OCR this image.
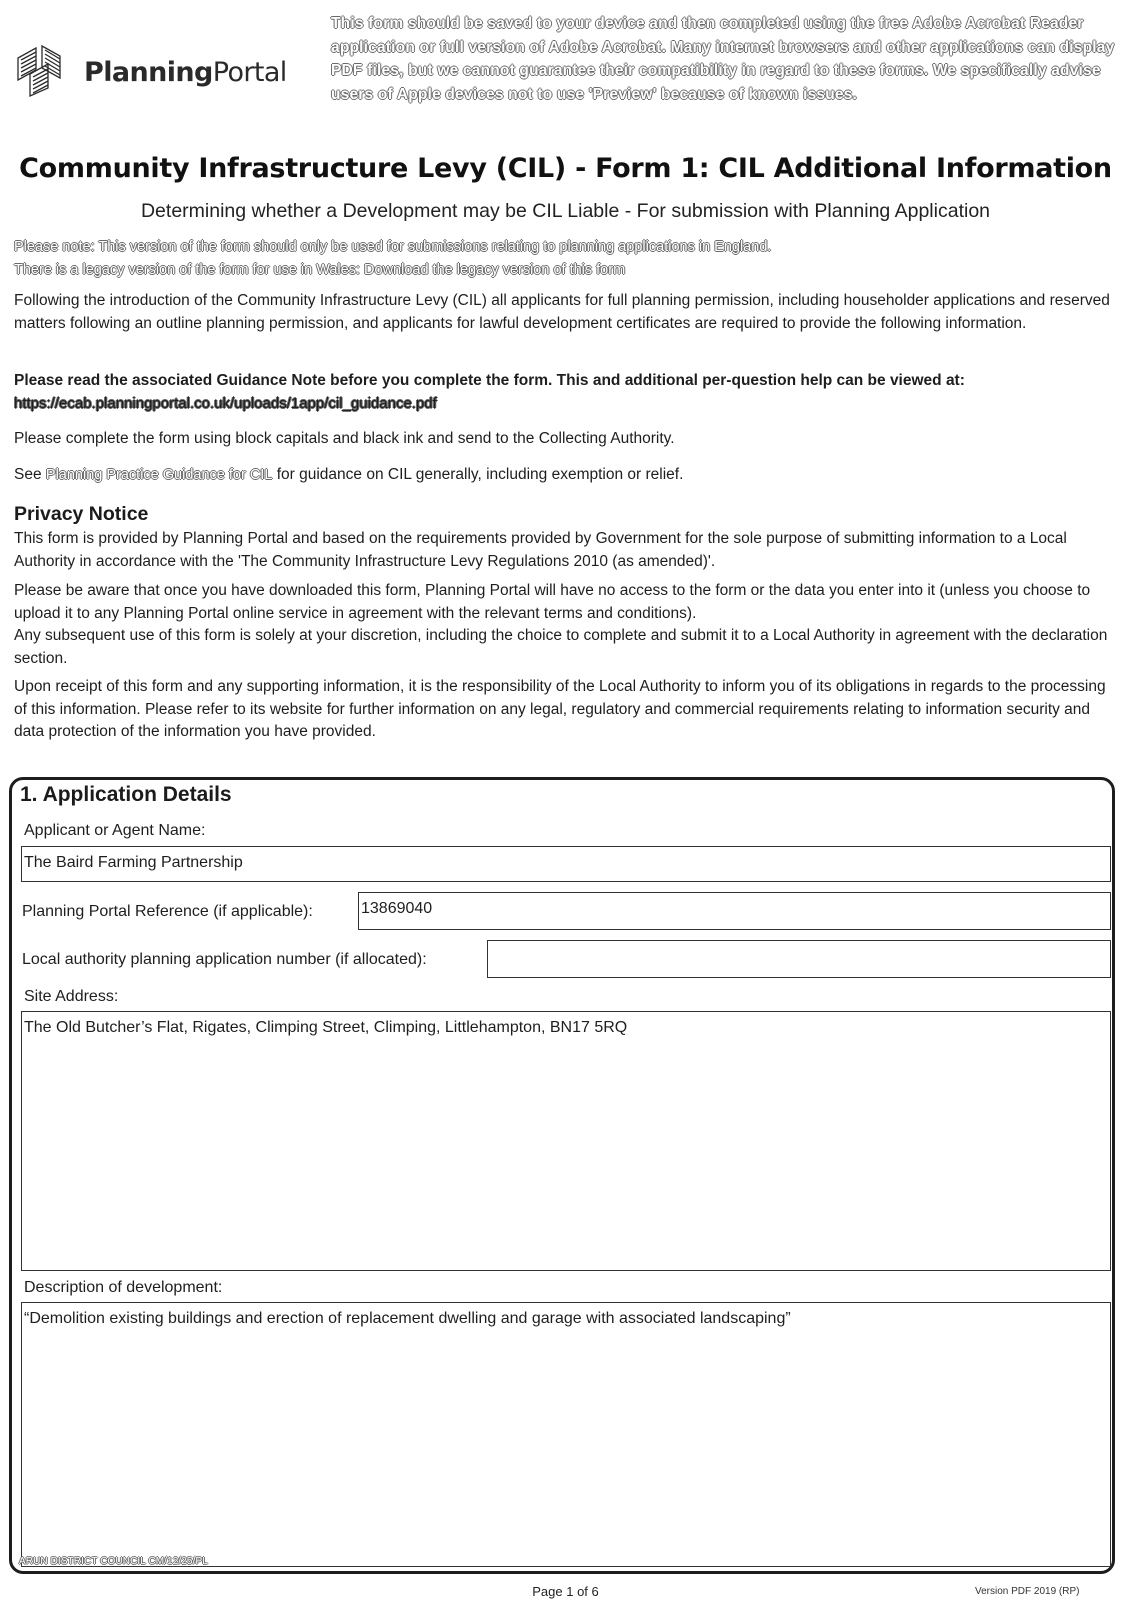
PlanningPortal
This form should be saved to your device and then completed using the free Adobe Acrobat Reader application or full version of Adobe Acrobat. Many internet browsers and other applications can display PDF files, but we cannot guarantee their compatibility in regard to these forms. We specifically advise users of Apple devices not to use 'Preview' because of known issues.
Community Infrastructure Levy (CIL) - Form 1: CIL Additional Information
Determining whether a Development may be CIL Liable - For submission with Planning Application
Please note: This version of the form should only be used for submissions relating to planning applications in England.
There is a legacy version of the form for use in Wales: Download the legacy version of this form
Following the introduction of the Community Infrastructure Levy (CIL) all applicants for full planning permission, including householder applications and reserved matters following an outline planning permission, and applicants for lawful development certificates are required to provide the following information.
Please read the associated Guidance Note before you complete the form. This and additional per-question help can be viewed at:
https://ecab.planningportal.co.uk/uploads/1app/cil_guidance.pdf
Please complete the form using block capitals and black ink and send to the Collecting Authority.
See Planning Practice Guidance for CIL for guidance on CIL generally, including exemption or relief.
Privacy Notice
This form is provided by Planning Portal and based on the requirements provided by Government for the sole purpose of submitting information to a Local Authority in accordance with the 'The Community Infrastructure Levy Regulations 2010 (as amended)'.
Please be aware that once you have downloaded this form, Planning Portal will have no access to the form or the data you enter into it (unless you choose to upload it to any Planning Portal online service in agreement with the relevant terms and conditions).
Any subsequent use of this form is solely at your discretion, including the choice to complete and submit it to a Local Authority in agreement with the declaration section.
Upon receipt of this form and any supporting information, it is the responsibility of the Local Authority to inform you of its obligations in regards to the processing of this information. Please refer to its website for further information on any legal, regulatory and commercial requirements relating to information security and data protection of the information you have provided.
1. Application Details
Applicant or Agent Name:
The Baird Farming Partnership
Planning Portal Reference (if applicable):	13869040
Local authority planning application number (if allocated):
Site Address:
The Old Butcher’s Flat, Rigates, Climping Street, Climping, Littlehampton, BN17 5RQ
Description of development:
“Demolition existing buildings and erection of replacement dwelling and garage with associated landscaping”
ARUN DISTRICT COUNCIL CM/12/25/PL
Page 1 of 6	Version PDF 2019 (RP)
